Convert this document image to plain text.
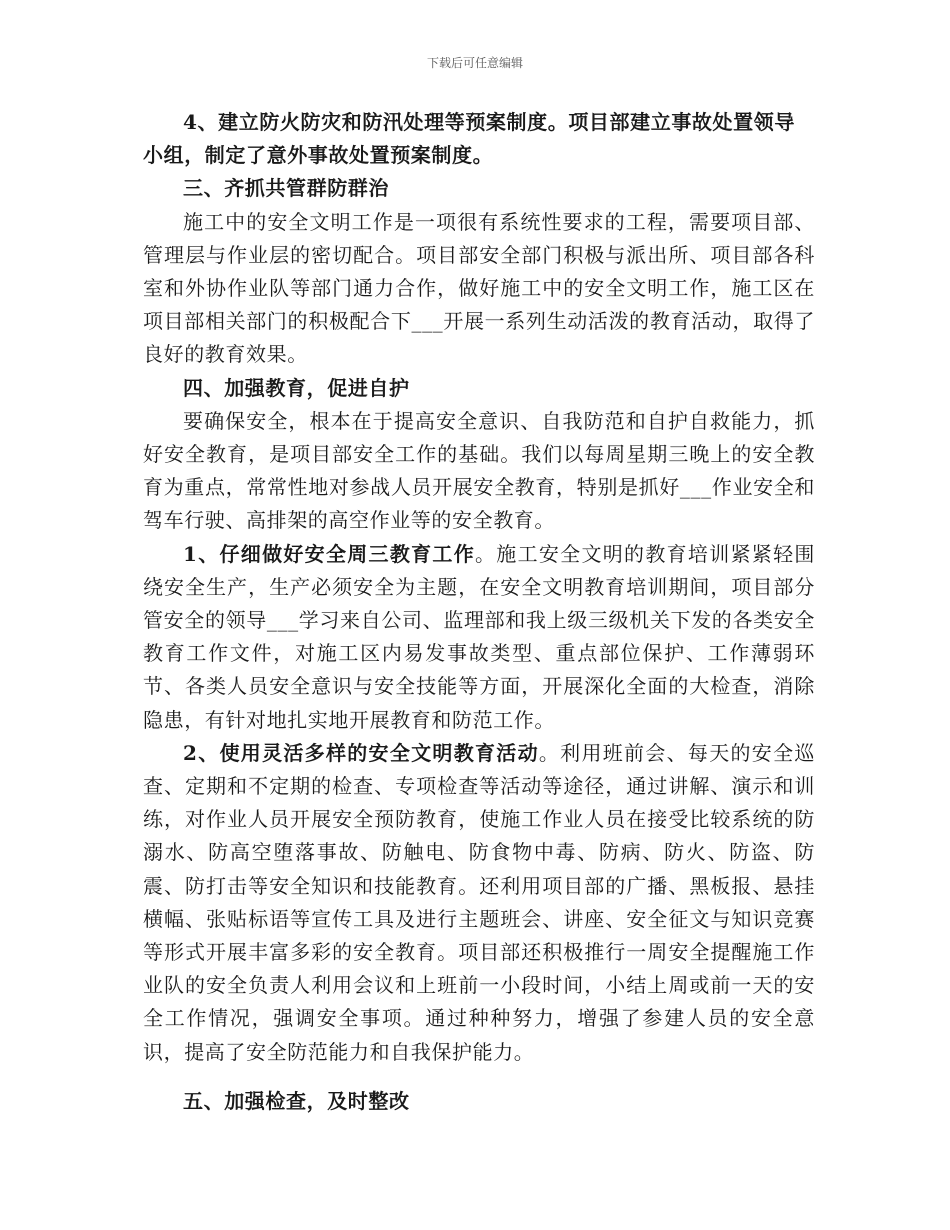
下载后可任意编辑

4、建立防火防灾和防汛处理等预案制度。项目部建立事故处置领导小组，制定了意外事故处置预案制度。

三、齐抓共管群防群治

施工中的安全文明工作是一项很有系统性要求的工程，需要项目部、管理层与作业层的密切配合。项目部安全部门积极与派出所、项目部各科室和外协作业队等部门通力合作，做好施工中的安全文明工作，施工区在项目部相关部门的积极配合下___开展一系列生动活泼的教育活动，取得了良好的教育效果。

四、加强教育，促进自护

要确保安全，根本在于提高安全意识、自我防范和自护自救能力，抓好安全教育，是项目部安全工作的基础。我们以每周星期三晚上的安全教育为重点，常常性地对参战人员开展安全教育，特别是抓好___作业安全和驾车行驶、高排架的高空作业等的安全教育。

1、仔细做好安全周三教育工作。施工安全文明的教育培训紧紧轻围绕安全生产，生产必须安全为主题，在安全文明教育培训期间，项目部分管安全的领导___学习来自公司、监理部和我上级三级机关下发的各类安全教育工作文件，对施工区内易发事故类型、重点部位保护、工作薄弱环节、各类人员安全意识与安全技能等方面，开展深化全面的大检查，消除隐患，有针对地扎实地开展教育和防范工作。

2、使用灵活多样的安全文明教育活动。利用班前会、每天的安全巡查、定期和不定期的检查、专项检查等活动等途径，通过讲解、演示和训练，对作业人员开展安全预防教育，使施工作业人员在接受比较系统的防溺水、防高空堕落事故、防触电、防食物中毒、防病、防火、防盗、防震、防打击等安全知识和技能教育。还利用项目部的广播、黑板报、悬挂横幅、张贴标语等宣传工具及进行主题班会、讲座、安全征文与知识竞赛等形式开展丰富多彩的安全教育。项目部还积极推行一周安全提醒施工作业队的安全负责人利用会议和上班前一小段时间，小结上周或前一天的安全工作情况，强调安全事项。通过种种努力，增强了参建人员的安全意识，提高了安全防范能力和自我保护能力。

五、加强检查，及时整改
